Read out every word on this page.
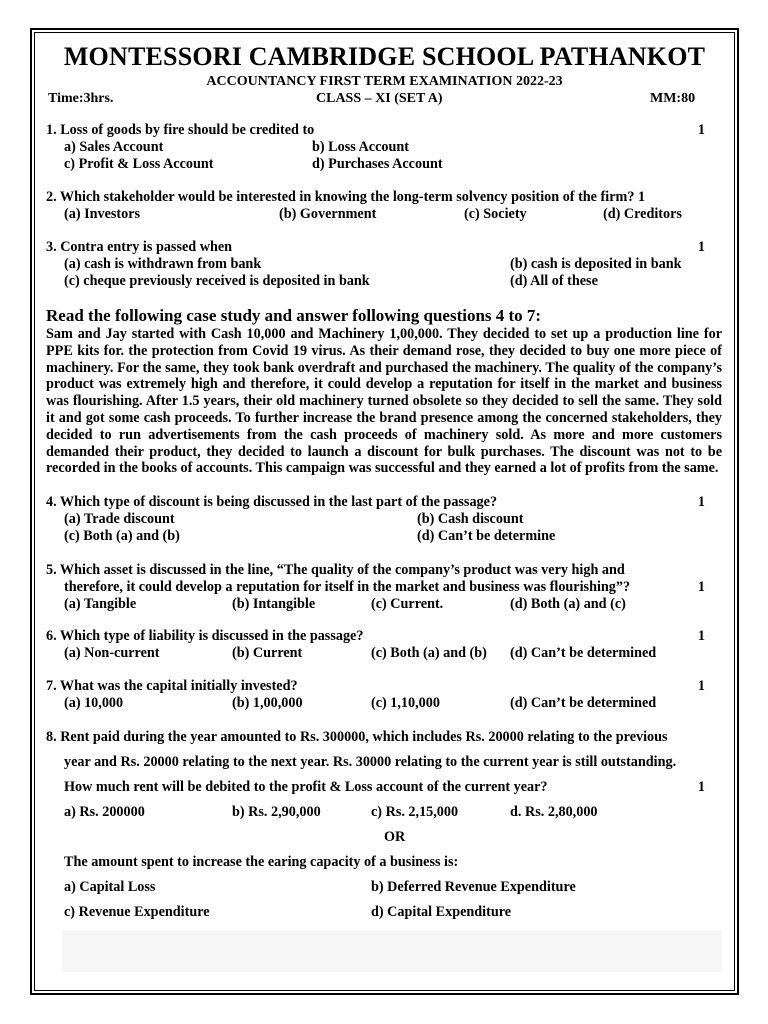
MONTESSORI CAMBRIDGE SCHOOL PATHANKOT
ACCOUNTANCY FIRST TERM EXAMINATION 2022-23
Time:3hrs.	CLASS – XI (SET A)	MM:80
1. Loss of goods by fire should be credited to	1
a) Sales Account	b) Loss Account
c) Profit & Loss Account	d) Purchases Account
2. Which stakeholder would be interested in knowing the long-term solvency position of the firm? 1
(a) Investors	(b) Government	(c) Society	(d) Creditors
3. Contra entry is passed when	1
(a) cash is withdrawn from bank	(b) cash is deposited in bank
(c) cheque previously received is deposited in bank	(d) All of these
Read the following case study and answer following questions 4 to 7:
Sam and Jay started with Cash 10,000 and Machinery 1,00,000. They decided to set up a production line for PPE kits for. the protection from Covid 19 virus. As their demand rose, they decided to buy one more piece of machinery. For the same, they took bank overdraft and purchased the machinery. The quality of the company’s product was extremely high and therefore, it could develop a reputation for itself in the market and business was flourishing. After 1.5 years, their old machinery turned obsolete so they decided to sell the same. They sold it and got some cash proceeds. To further increase the brand presence among the concerned stakeholders, they decided to run advertisements from the cash proceeds of machinery sold. As more and more customers demanded their product, they decided to launch a discount for bulk purchases. The discount was not to be recorded in the books of accounts. This campaign was successful and they earned a lot of profits from the same.
4. Which type of discount is being discussed in the last part of the passage?	1
(a) Trade discount	(b) Cash discount
(c) Both (a) and (b)	(d) Can’t be determine
5. Which asset is discussed in the line, “The quality of the company’s product was very high and
therefore, it could develop a reputation for itself in the market and business was flourishing”?	1
(a) Tangible	(b) Intangible	(c) Current.	(d) Both (a) and (c)
6. Which type of liability is discussed in the passage?	1
(a) Non-current	(b) Current	(c) Both (a) and (b) (d) Can’t be determined
7. What was the capital initially invested?	1
(a) 10,000	(b) 1,00,000	(c) 1,10,000	(d) Can’t be determined
8. Rent paid during the year amounted to Rs. 300000, which includes Rs. 20000 relating to the previous
year and Rs. 20000 relating to the next year. Rs. 30000 relating to the current year is still outstanding.
How much rent will be debited to the profit & Loss account of the current year?	1
a) Rs. 200000	b) Rs. 2,90,000	c) Rs. 2,15,000	d. Rs. 2,80,000
OR
The amount spent to increase the earing capacity of a business is:
a) Capital Loss	b) Deferred Revenue Expenditure
c) Revenue Expenditure	d) Capital Expenditure
